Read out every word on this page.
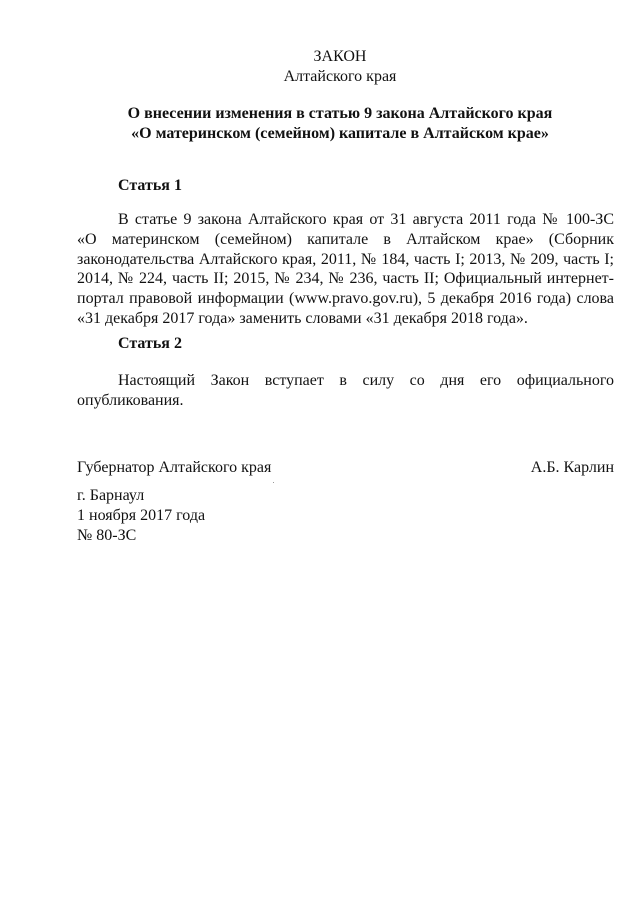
ЗАКОН
Алтайского края
О внесении изменения в статью 9 закона Алтайского края
«О материнском (семейном) капитале в Алтайском крае»
Статья 1
В статье 9 закона Алтайского края от 31 августа 2011 года № 100-ЗС
«О материнском (семейном) капитале в Алтайском крае» (Сборник
законодательства Алтайского края, 2011, № 184, часть I; 2013, № 209, часть I;
2014, № 224, часть II; 2015, № 234, № 236, часть II; Официальный интернет-
портал правовой информации (www.pravo.gov.ru), 5 декабря 2016 года) слова
«31 декабря 2017 года» заменить словами «31 декабря 2018 года».
Статья 2
Настоящий Закон вступает в силу со дня его официального
опубликования.
Губернатор Алтайского края	А.Б. Карлин
г. Барнаул
1 ноября 2017 года
№ 80-ЗС
